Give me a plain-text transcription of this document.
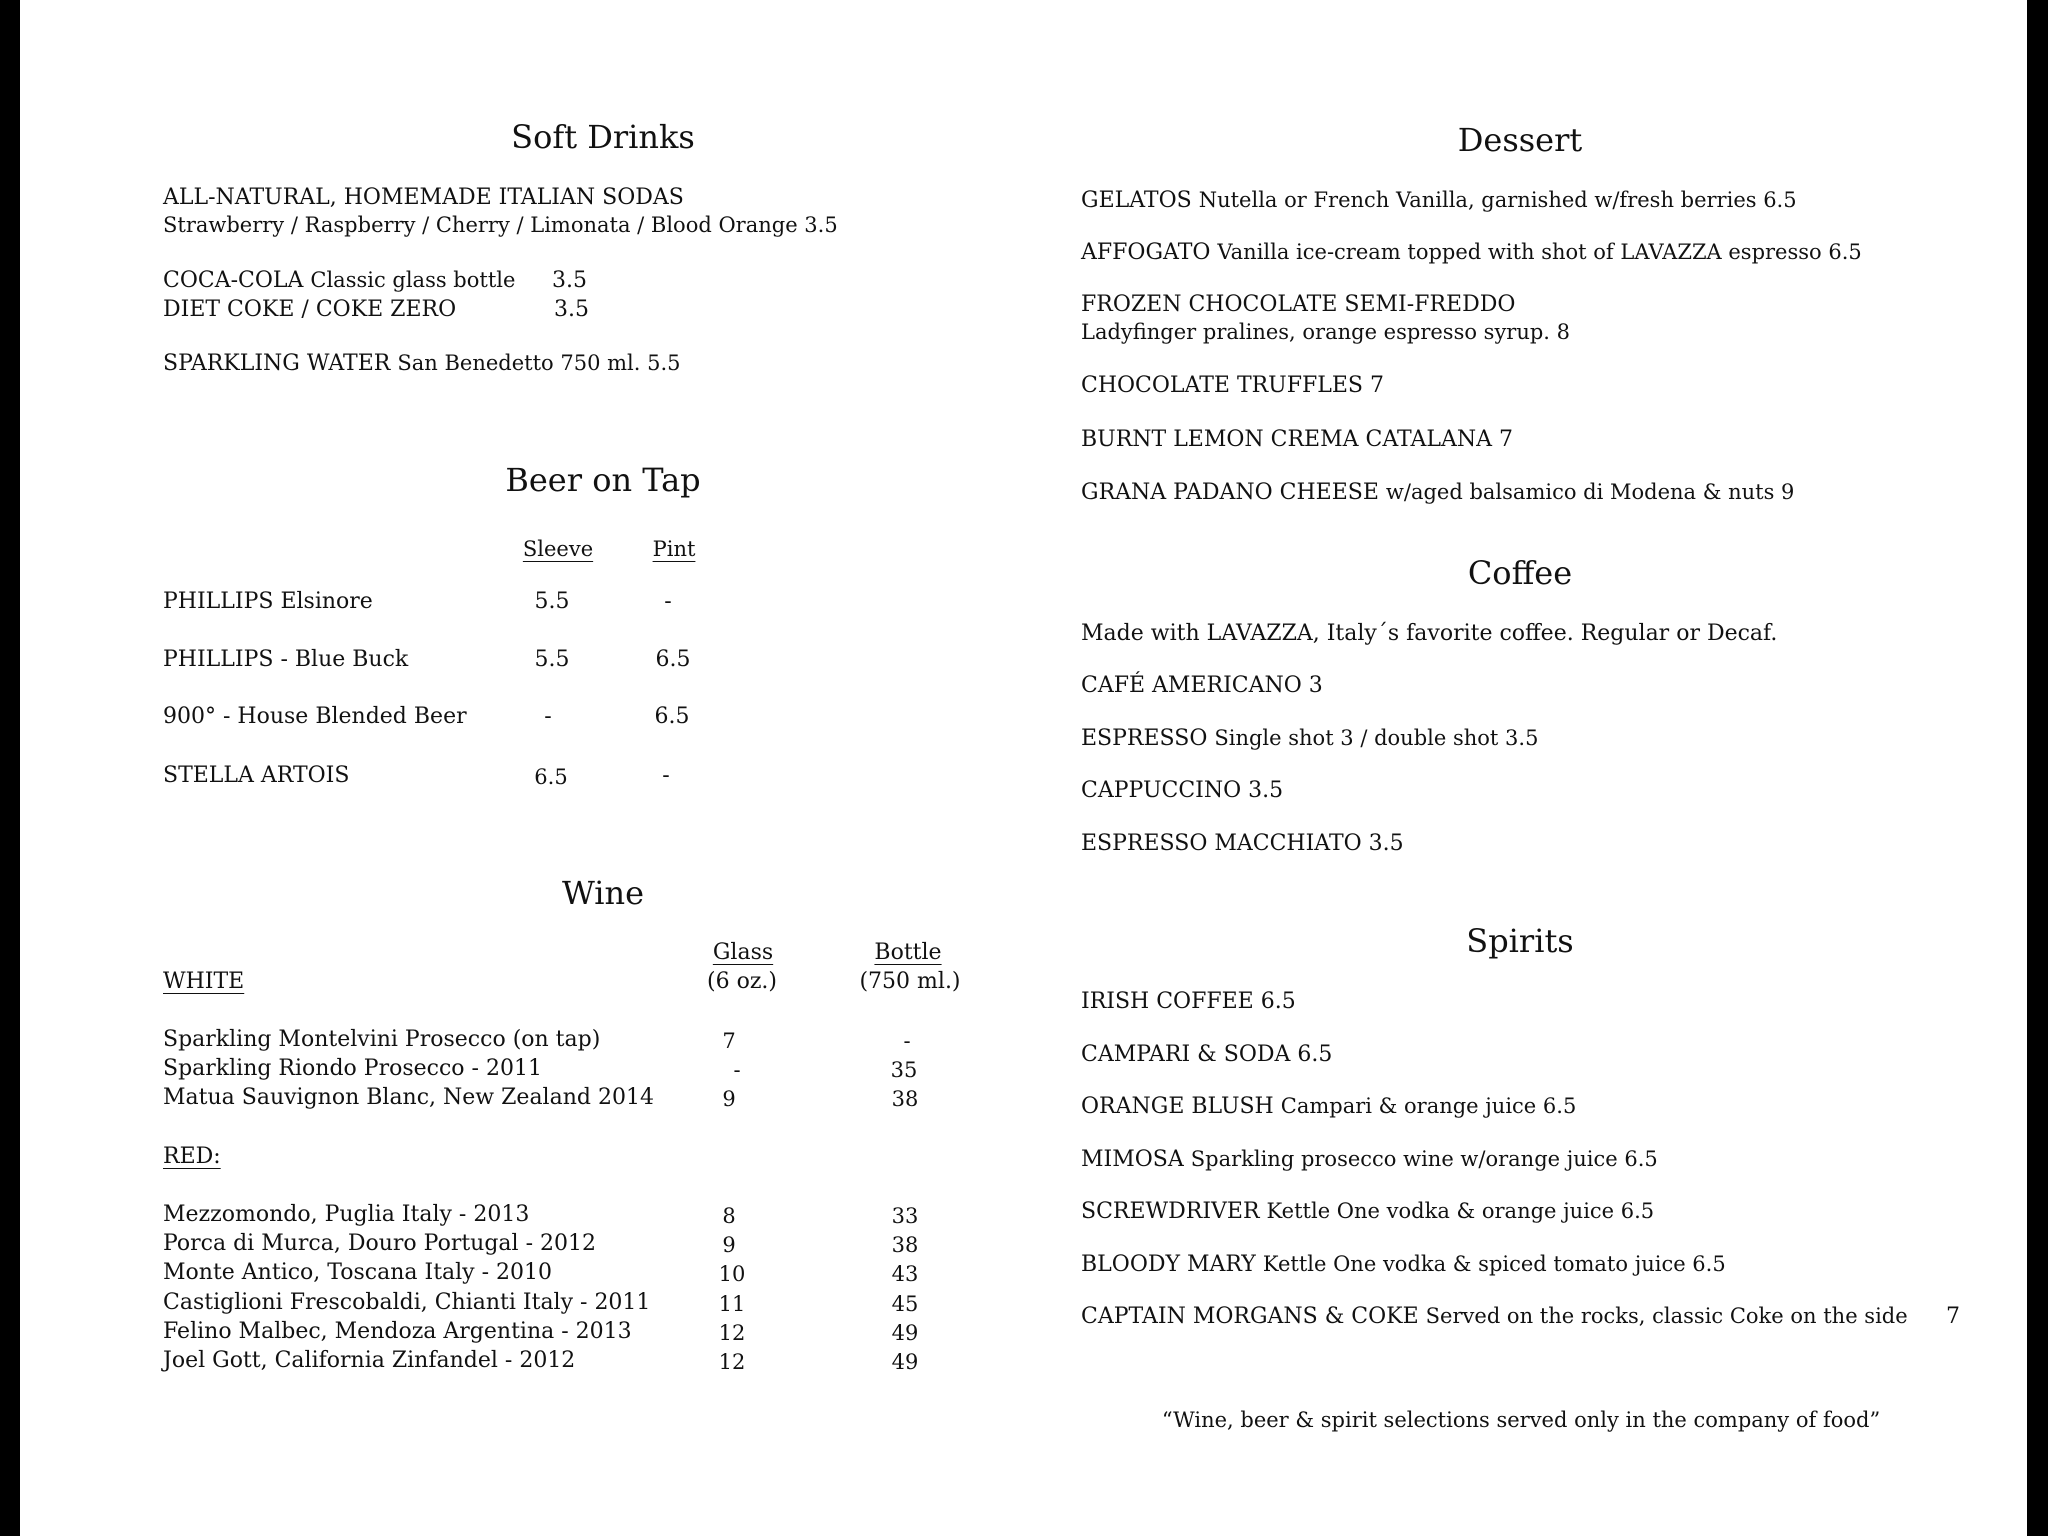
Soft Drinks
ALL-NATURAL, HOMEMADE ITALIAN SODAS
Strawberry / Raspberry / Cherry / Limonata / Blood Orange 3.5
COCA-COLA Classic glass bottle 3.5
DIET COKE / COKE ZERO	3.5
SPARKLING WATER San Benedetto 750 ml. 5.5
Beer on Tap
Sleeve	Pint
PHILLIPS Elsinore	5.5	-
PHILLIPS - Blue Buck	5.5	6.5
900° - House Blended Beer	-	6.5
STELLA ARTOIS	6.5	-
Wine
Glass
(6 oz.)
Bottle
(750 ml.)
WHITE
Sparkling Montelvini Prosecco (on tap)	7	-
Sparkling Riondo Prosecco - 2011	-	35
Matua Sauvignon Blanc, New Zealand 2014	9	38
RED:
Mezzomondo, Puglia Italy - 2013	8	33
Porca di Murca, Douro Portugal - 2012	9	38
Monte Antico, Toscana Italy - 2010	10	43
Castiglioni Frescobaldi, Chianti Italy - 2011	11	45
Felino Malbec, Mendoza Argentina - 2013	12	49
Joel Gott, California Zinfandel - 2012	12	49
Dessert
GELATOS Nutella or French Vanilla, garnished w/fresh berries 6.5
AFFOGATO Vanilla ice-cream topped with shot of LAVAZZA espresso 6.5
FROZEN CHOCOLATE SEMI-FREDDO
Ladyfinger pralines, orange espresso syrup. 8
CHOCOLATE TRUFFLES 7
BURNT LEMON CREMA CATALANA 7
GRANA PADANO CHEESE w/aged balsamico di Modena & nuts 9
Coffee
Made with LAVAZZA, Italy´s favorite coffee. Regular or Decaf.
CAFÉ AMERICANO 3
ESPRESSO Single shot 3 / double shot 3.5
CAPPUCCINO 3.5
ESPRESSO MACCHIATO 3.5
Spirits
IRISH COFFEE 6.5
CAMPARI & SODA 6.5
ORANGE BLUSH Campari & orange juice 6.5
MIMOSA Sparkling prosecco wine w/orange juice 6.5
SCREWDRIVER Kettle One vodka & orange juice 6.5
BLOODY MARY Kettle One vodka & spiced tomato juice 6.5
CAPTAIN MORGANS & COKE Served on the rocks, classic Coke on the side 7
“Wine, beer & spirit selections served only in the company of food”
